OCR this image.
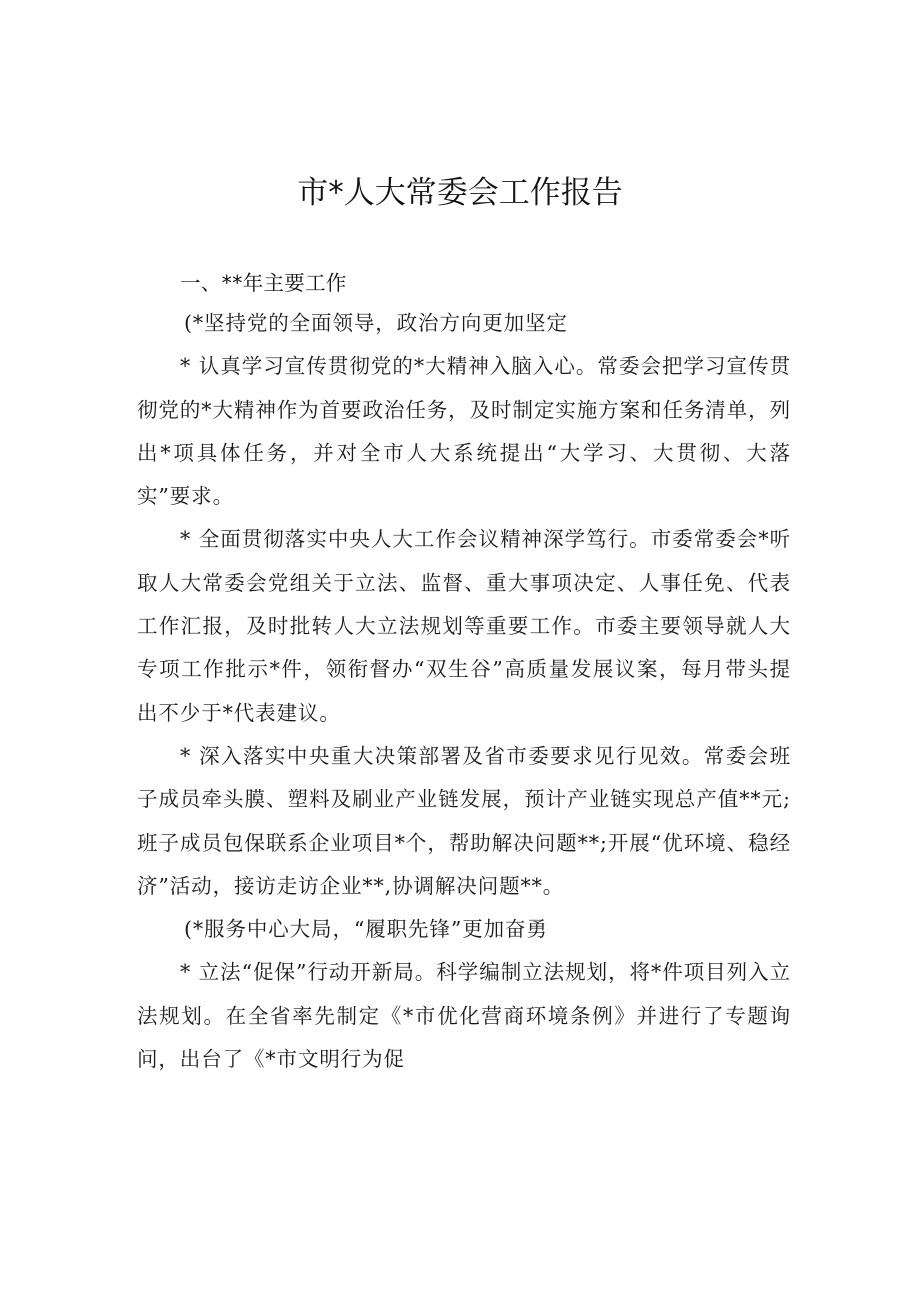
市*人大常委会工作报告
一、**年主要工作

(*坚持党的全面领导，政治方向更加坚定

* 认真学习宣传贯彻党的*大精神入脑入心。常委会把学习宣传贯彻党的*大精神作为首要政治任务，及时制定实施方案和任务清单，列出*项具体任务，并对全市人大系统提出“大学习、大贯彻、大落实”要求。

* 全面贯彻落实中央人大工作会议精神深学笃行。市委常委会*听取人大常委会党组关于立法、监督、重大事项决定、人事任免、代表工作汇报，及时批转人大立法规划等重要工作。市委主要领导就人大专项工作批示*件，领衔督办“双生谷”高质量发展议案，每月带头提出不少于*代表建议。

* 深入落实中央重大决策部署及省市委要求见行见效。常委会班子成员牵头膜、塑料及刷业产业链发展，预计产业链实现总产值**元;班子成员包保联系企业项目*个，帮助解决问题**;开展“优环境、稳经济”活动，接访走访企业**,协调解决问题**。

(*服务中心大局，“履职先锋”更加奋勇

* 立法“促保”行动开新局。科学编制立法规划，将*件项目列入立法规划。在全省率先制定《*市优化营商环境条例》并进行了专题询问，出台了《*市文明行为促
